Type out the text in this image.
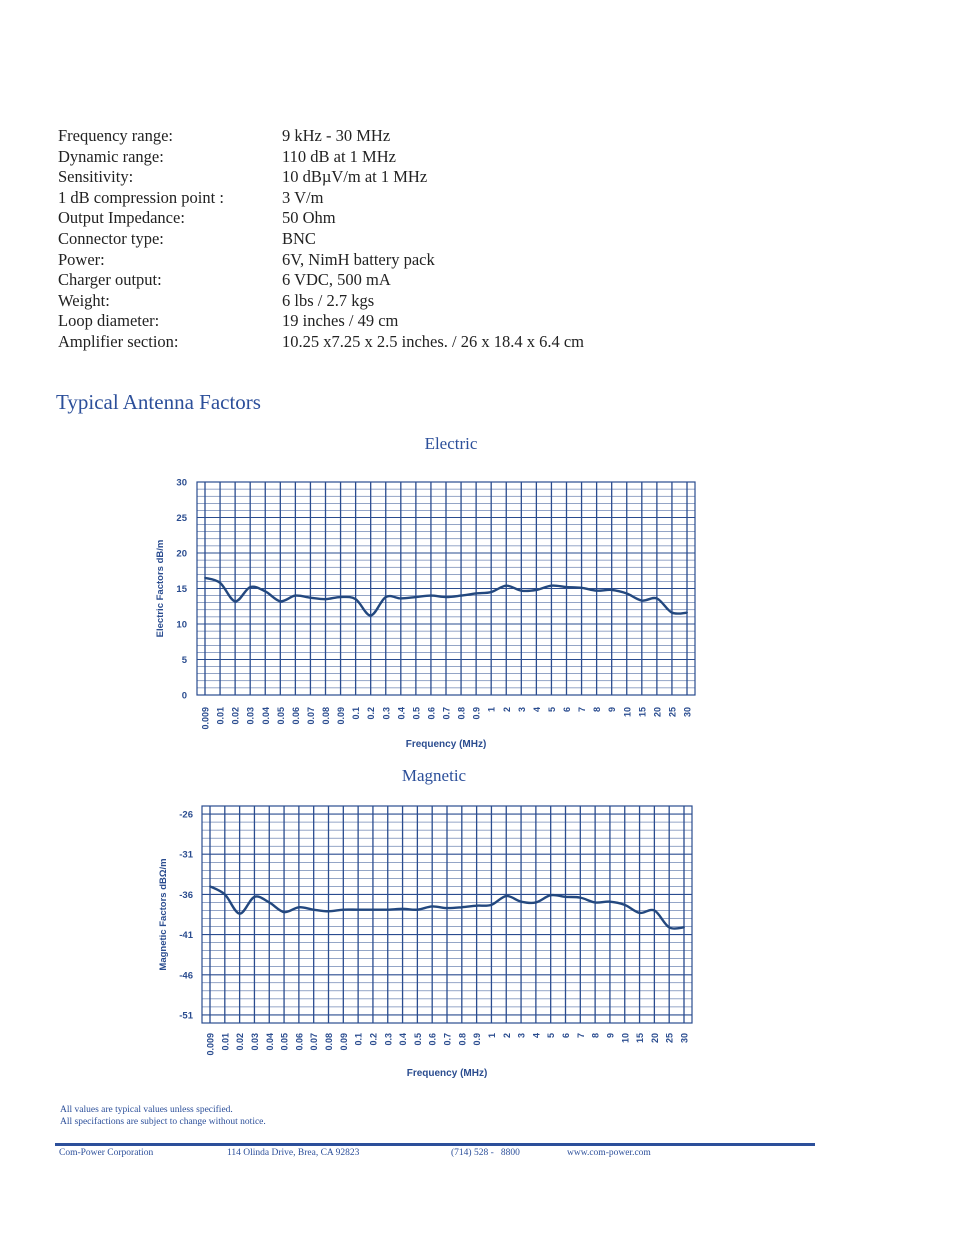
Frequency range:	9 kHz - 30 MHz
Dynamic range:	110 dB at 1 MHz
Sensitivity:	10 dBµV/m at 1 MHz
1 dB compression point :	3 V/m
Output Impedance:	50 Ohm
Connector type:	BNC
Power:	6V, NimH battery pack
Charger output:	6 VDC, 500 mA
Weight:	6 lbs / 2.7 kgs
Loop diameter:	19 inches / 49 cm
Amplifier section:	10.25 x7.25 x 2.5 inches. / 26 x 18.4 x 6.4 cm
Typical Antenna Factors
Electric
Magnetic
0
5
10
15
20
25
30
0.009 0.01 0.02 0.03 0.04 0.05 0.06 0.07 0.08 0.09 0.1 0.2 0.3 0.4 0.5 0.6 0.7 0.8 0.9 1 2 3 4 5 6 7 8 9 10 15 20 25 30
Frequency (MHz)
Electric Factors dB/m
-26
-31
-36
-41
-46
-51
0.009 0.01 0.02 0.03 0.04 0.05 0.06 0.07 0.08 0.09 0.1 0.2 0.3 0.4 0.5 0.6 0.7 0.8 0.9 1 2 3 4 5 6 7 8 9 10 15 20 25 30
Frequency (MHz)
Magnetic Factors dBΩ/m
All values are typical values unless specified.
All specifactions are subject to change without notice.
Com-Power Corporation	114 Olinda Drive, Brea, CA 92823	(714) 528 -   8800	www.com-power.com
